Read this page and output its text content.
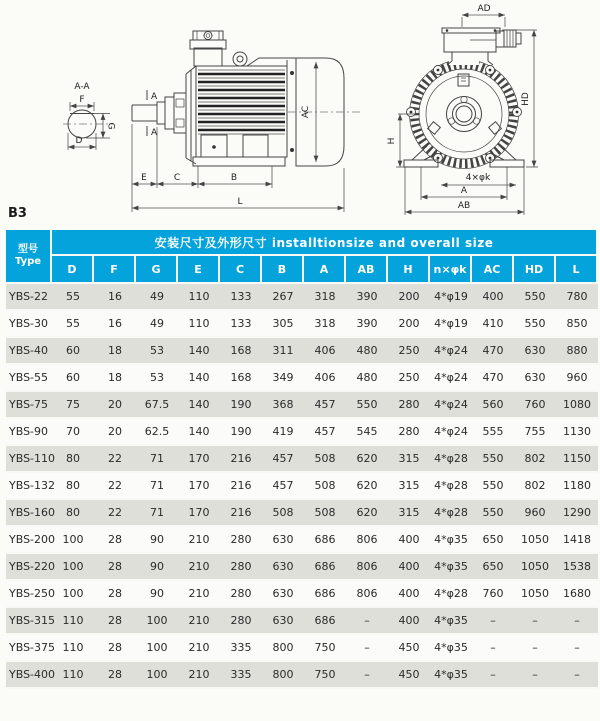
A-A
F
G
D
A
A
AC
E	C	B
L
AD
H
HD
4×φk
A
AB
B3
型号
Type	安装尺寸及外形尺寸 installtionsize and overall size												
	D	F	G	E	C	B	A	AB	H	n×φk	AC	HD	L
YBS-22	55	16	49	110	133	267	318	390	200	4*φ19	400	550	780
YBS-30	55	16	49	110	133	305	318	390	200	4*φ19	410	550	850
YBS-40	60	18	53	140	168	311	406	480	250	4*φ24	470	630	880
YBS-55	60	18	53	140	168	349	406	480	250	4*φ24	470	630	960
YBS-75	75	20	67.5	140	190	368	457	550	280	4*φ24	560	760	1080
YBS-90	70	20	62.5	140	190	419	457	545	280	4*φ24	555	755	1130
YBS-110	80	22	71	170	216	457	508	620	315	4*φ28	550	802	1150
YBS-132	80	22	71	170	216	457	508	620	315	4*φ28	550	802	1180
YBS-160	80	22	71	170	216	508	508	620	315	4*φ28	550	960	1290
YBS-200	100	28	90	210	280	630	686	806	400	4*φ35	650	1050	1418
YBS-220	100	28	90	210	280	630	686	806	400	4*φ35	650	1050	1538
YBS-250	100	28	90	210	280	630	686	806	400	4*φ28	760	1050	1680
YBS-315	110	28	100	210	280	630	686	–	400	4*φ35	–	–	–
YBS-375	110	28	100	210	335	800	750	–	450	4*φ35	–	–	–
YBS-400	110	28	100	210	335	800	750	–	450	4*φ35	–	–	–
